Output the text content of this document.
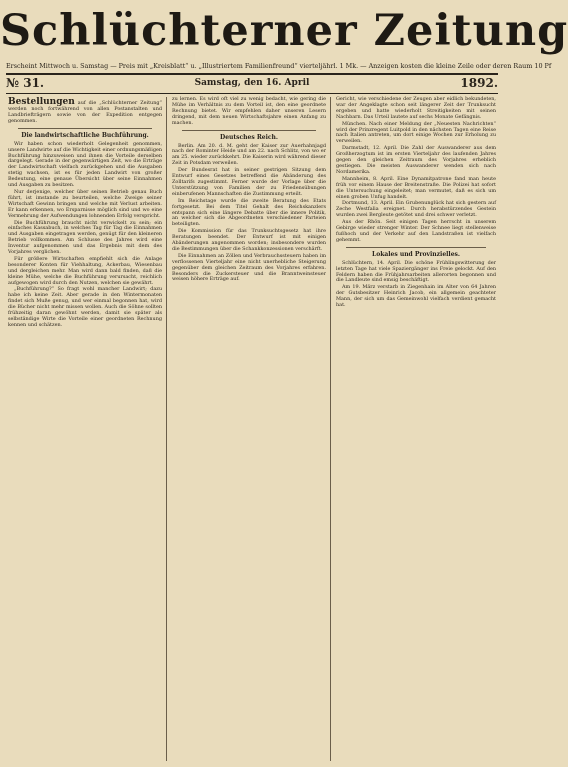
Schlüchterner Zeitung
Erscheint Mittwoch u. Samstag — Preis mit „Kreisblatt“ u. „Illustriertem Familienfreund“ vierteljährl. 1 Mk. — Anzeigen kosten die kleine Zeile oder deren Raum 10 Pf
№ 31.	Samstag, den 16. April	1892.

Bestellungen auf die „Schlüchterner Zeitung“ werden noch fortwährend von allen Postanstalten und Landbriefträgern sowie von der Expedition entgegen genommen.

Die landwirtschaftliche Buchführung.

Wir haben schon wiederholt Gelegenheit genommen, unsere Landwirte auf die Wichtigkeit einer ordnungsmäßigen Buchführung hinzuweisen und ihnen die Vorteile derselben dargelegt. Gerade in der gegenwärtigen Zeit, wo die Erträge der Landwirtschaft vielfach zurückgehen und die Ausgaben stetig wachsen, ist es für jeden Landwirt von großer Bedeutung, eine genaue Übersicht über seine Einnahmen und Ausgaben zu besitzen.

Nur derjenige, welcher über seinen Betrieb genau Buch führt, ist imstande zu beurteilen, welche Zweige seiner Wirtschaft Gewinn bringen und welche mit Verlust arbeiten. Er kann erkennen, wo Ersparnisse möglich sind und wo eine Vermehrung der Aufwendungen lohnenden Erfolg verspricht.

Die Buchführung braucht nicht verwickelt zu sein; ein einfaches Kassabuch, in welches Tag für Tag die Einnahmen und Ausgaben eingetragen werden, genügt für den kleineren Betrieb vollkommen. Am Schlusse des Jahres wird eine Inventur aufgenommen und das Ergebnis mit dem des Vorjahres verglichen.

Für größere Wirtschaften empfiehlt sich die Anlage besonderer Konten für Viehhaltung, Ackerbau, Wiesenbau und dergleichen mehr. Man wird dann bald finden, daß die kleine Mühe, welche die Buchführung verursacht, reichlich aufgewogen wird durch den Nutzen, welchen sie gewährt.

„Buchführung?“ So fragt wohl mancher Landwirt; dazu habe ich keine Zeit. Aber gerade in den Wintermonaten findet sich Muße genug, und wer einmal begonnen hat, wird die Bücher nicht mehr missen wollen. Auch die Söhne sollten frühzeitig daran gewöhnt werden, damit sie später als selbständige Wirte die Vorteile einer geordneten Rechnung kennen und schätzen.

zu lernen. Es wird oft viel zu wenig bedacht, wie gering die Mühe im Verhältnis zu dem Vorteil ist, den eine geordnete Rechnung bietet. Wir empfehlen daher unseren Lesern dringend, mit dem neuen Wirtschaftsjahre einen Anfang zu machen.

Deutsches Reich.

Berlin. Am 20. d. M. geht der Kaiser zur Auerhahnjagd nach der Rominter Heide und am 22. nach Schlitz, von wo er am 25. wieder zurückkehrt. Die Kaiserin wird während dieser Zeit in Potsdam verweilen.

Der Bundesrat hat in seiner gestrigen Sitzung dem Entwurf eines Gesetzes betreffend die Abänderung des Zolltarifs zugestimmt. Ferner wurde der Vorlage über die Unterstützung von Familien der zu Friedensübungen einberufenen Mannschaften die Zustimmung erteilt.

Im Reichstage wurde die zweite Beratung des Etats fortgesetzt. Bei dem Titel Gehalt des Reichskanzlers entspann sich eine längere Debatte über die innere Politik, an welcher sich die Abgeordneten verschiedener Parteien beteiligten.

Die Kommission für das Trunksuchtsgesetz hat ihre Beratungen beendet. Der Entwurf ist mit einigen Abänderungen angenommen worden; insbesondere wurden die Bestimmungen über die Schankkonzessionen verschärft.

Die Einnahmen an Zöllen und Verbrauchssteuern haben im verflossenen Vierteljahr eine nicht unerhebliche Steigerung gegenüber dem gleichen Zeitraum des Vorjahres erfahren. Besonders die Zuckersteuer und die Branntweinsteuer weisen höhere Erträge auf.

Gericht, wie verschiedene der Zeugen aber eidlich bekundeten, war der Angeklagte schon seit längerer Zeit der Trunksucht ergeben und hatte wiederholt Streitigkeiten mit seinen Nachbarn. Das Urteil lautete auf sechs Monate Gefängnis.

München. Nach einer Meldung der „Neuesten Nachrichten“ wird der Prinzregent Luitpold in den nächsten Tagen eine Reise nach Italien antreten, um dort einige Wochen zur Erholung zu verweilen.

Darmstadt, 12. April. Die Zahl der Auswanderer aus dem Großherzogtum ist im ersten Vierteljahr des laufenden Jahres gegen den gleichen Zeitraum des Vorjahres erheblich gestiegen. Die meisten Auswanderer wenden sich nach Nordamerika.

Mannheim, 8. April. Eine Dynamitpatrone fand man heute früh vor einem Hause der Breitenstraße. Die Polizei hat sofort die Untersuchung eingeleitet; man vermutet, daß es sich um einen groben Unfug handelt.

Dortmund, 13. April. Ein Grubenunglück hat sich gestern auf Zeche Westfalia ereignet. Durch herabstürzendes Gestein wurden zwei Bergleute getötet und drei schwer verletzt.

Aus der Rhön. Seit einigen Tagen herrscht in unserem Gebirge wieder strenger Winter. Der Schnee liegt stellenweise fußhoch und der Verkehr auf den Landstraßen ist vielfach gehemmt.

Lokales und Provinzielles.

Schlüchtern, 14. April. Die schöne Frühlingswitterung der letzten Tage hat viele Spaziergänger ins Freie gelockt. Auf den Feldern haben die Frühjahrsarbeiten allerorten begonnen und die Landleute sind emsig beschäftigt.

Am 19. März verstarb in Ziegenhain im Alter von 64 Jahren der Gutsbesitzer Heinrich Jacob, ein allgemein geachteter Mann, der sich um das Gemeinwohl vielfach verdient gemacht hat.
